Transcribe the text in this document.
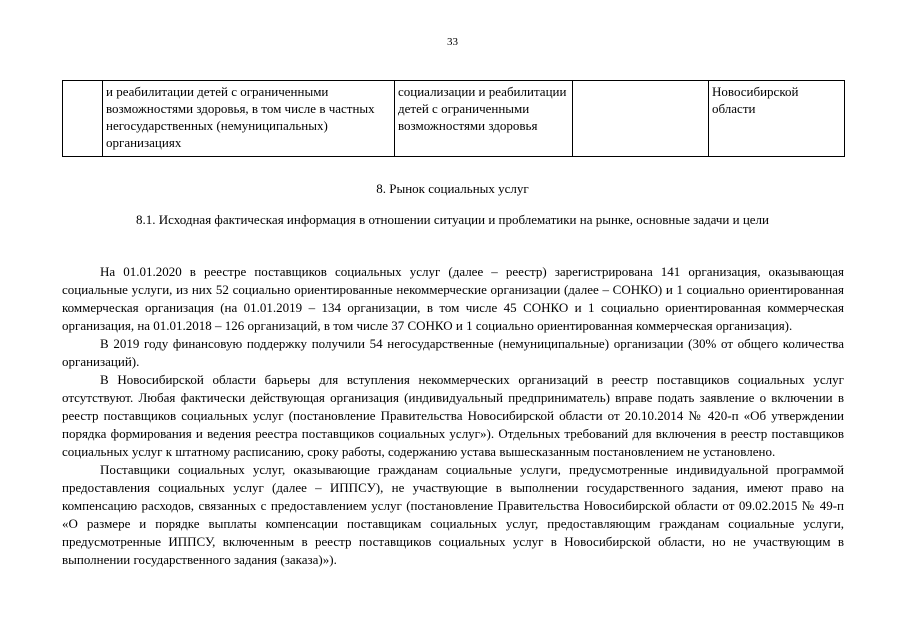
33
	и реабилитации детей с ограниченными возможностями здоровья, в том числе в частных негосударственных (немуниципальных) организациях	социализации и реабилитации детей с ограниченными возможностями здоровья		Новосибирской области
8. Рынок социальных услуг
8.1. Исходная фактическая информация в отношении ситуации и проблематики на рынке, основные задачи и цели

На 01.01.2020 в реестре поставщиков социальных услуг (далее – реестр) зарегистрирована 141 организация, оказывающая социальные услуги, из них 52 социально ориентированные некоммерческие организации (далее – СОНКО) и 1 социально ориентированная коммерческая организация (на 01.01.2019 – 134 организации, в том числе 45 СОНКО и 1 социально ориентированная коммерческая организация, на 01.01.2018 – 126 организаций, в том числе 37 СОНКО и 1 социально ориентированная коммерческая организация).

В 2019 году финансовую поддержку получили 54 негосударственные (немуниципальные) организации (30% от общего количества организаций).

В Новосибирской области барьеры для вступления некоммерческих организаций в реестр поставщиков социальных услуг отсутствуют. Любая фактически действующая организация (индивидуальный предприниматель) вправе подать заявление о включении в реестр поставщиков социальных услуг (постановление Правительства Новосибирской области от 20.10.2014 № 420-п «Об утверждении порядка формирования и ведения реестра поставщиков социальных услуг»). Отдельных требований для включения в реестр поставщиков социальных услуг к штатному расписанию, сроку работы, содержанию устава вышесказанным постановлением не установлено.

Поставщики социальных услуг, оказывающие гражданам социальные услуги, предусмотренные индивидуальной программой предоставления социальных услуг (далее – ИППСУ), не участвующие в выполнении государственного задания, имеют право на компенсацию расходов, связанных с предоставлением услуг (постановление Правительства Новосибирской области от 09.02.2015 № 49-п «О размере и порядке выплаты компенсации поставщикам социальных услуг, предоставляющим гражданам социальные услуги, предусмотренные ИППСУ, включенным в реестр поставщиков социальных услуг в Новосибирской области, но не участвующим в выполнении государственного задания (заказа)»).
